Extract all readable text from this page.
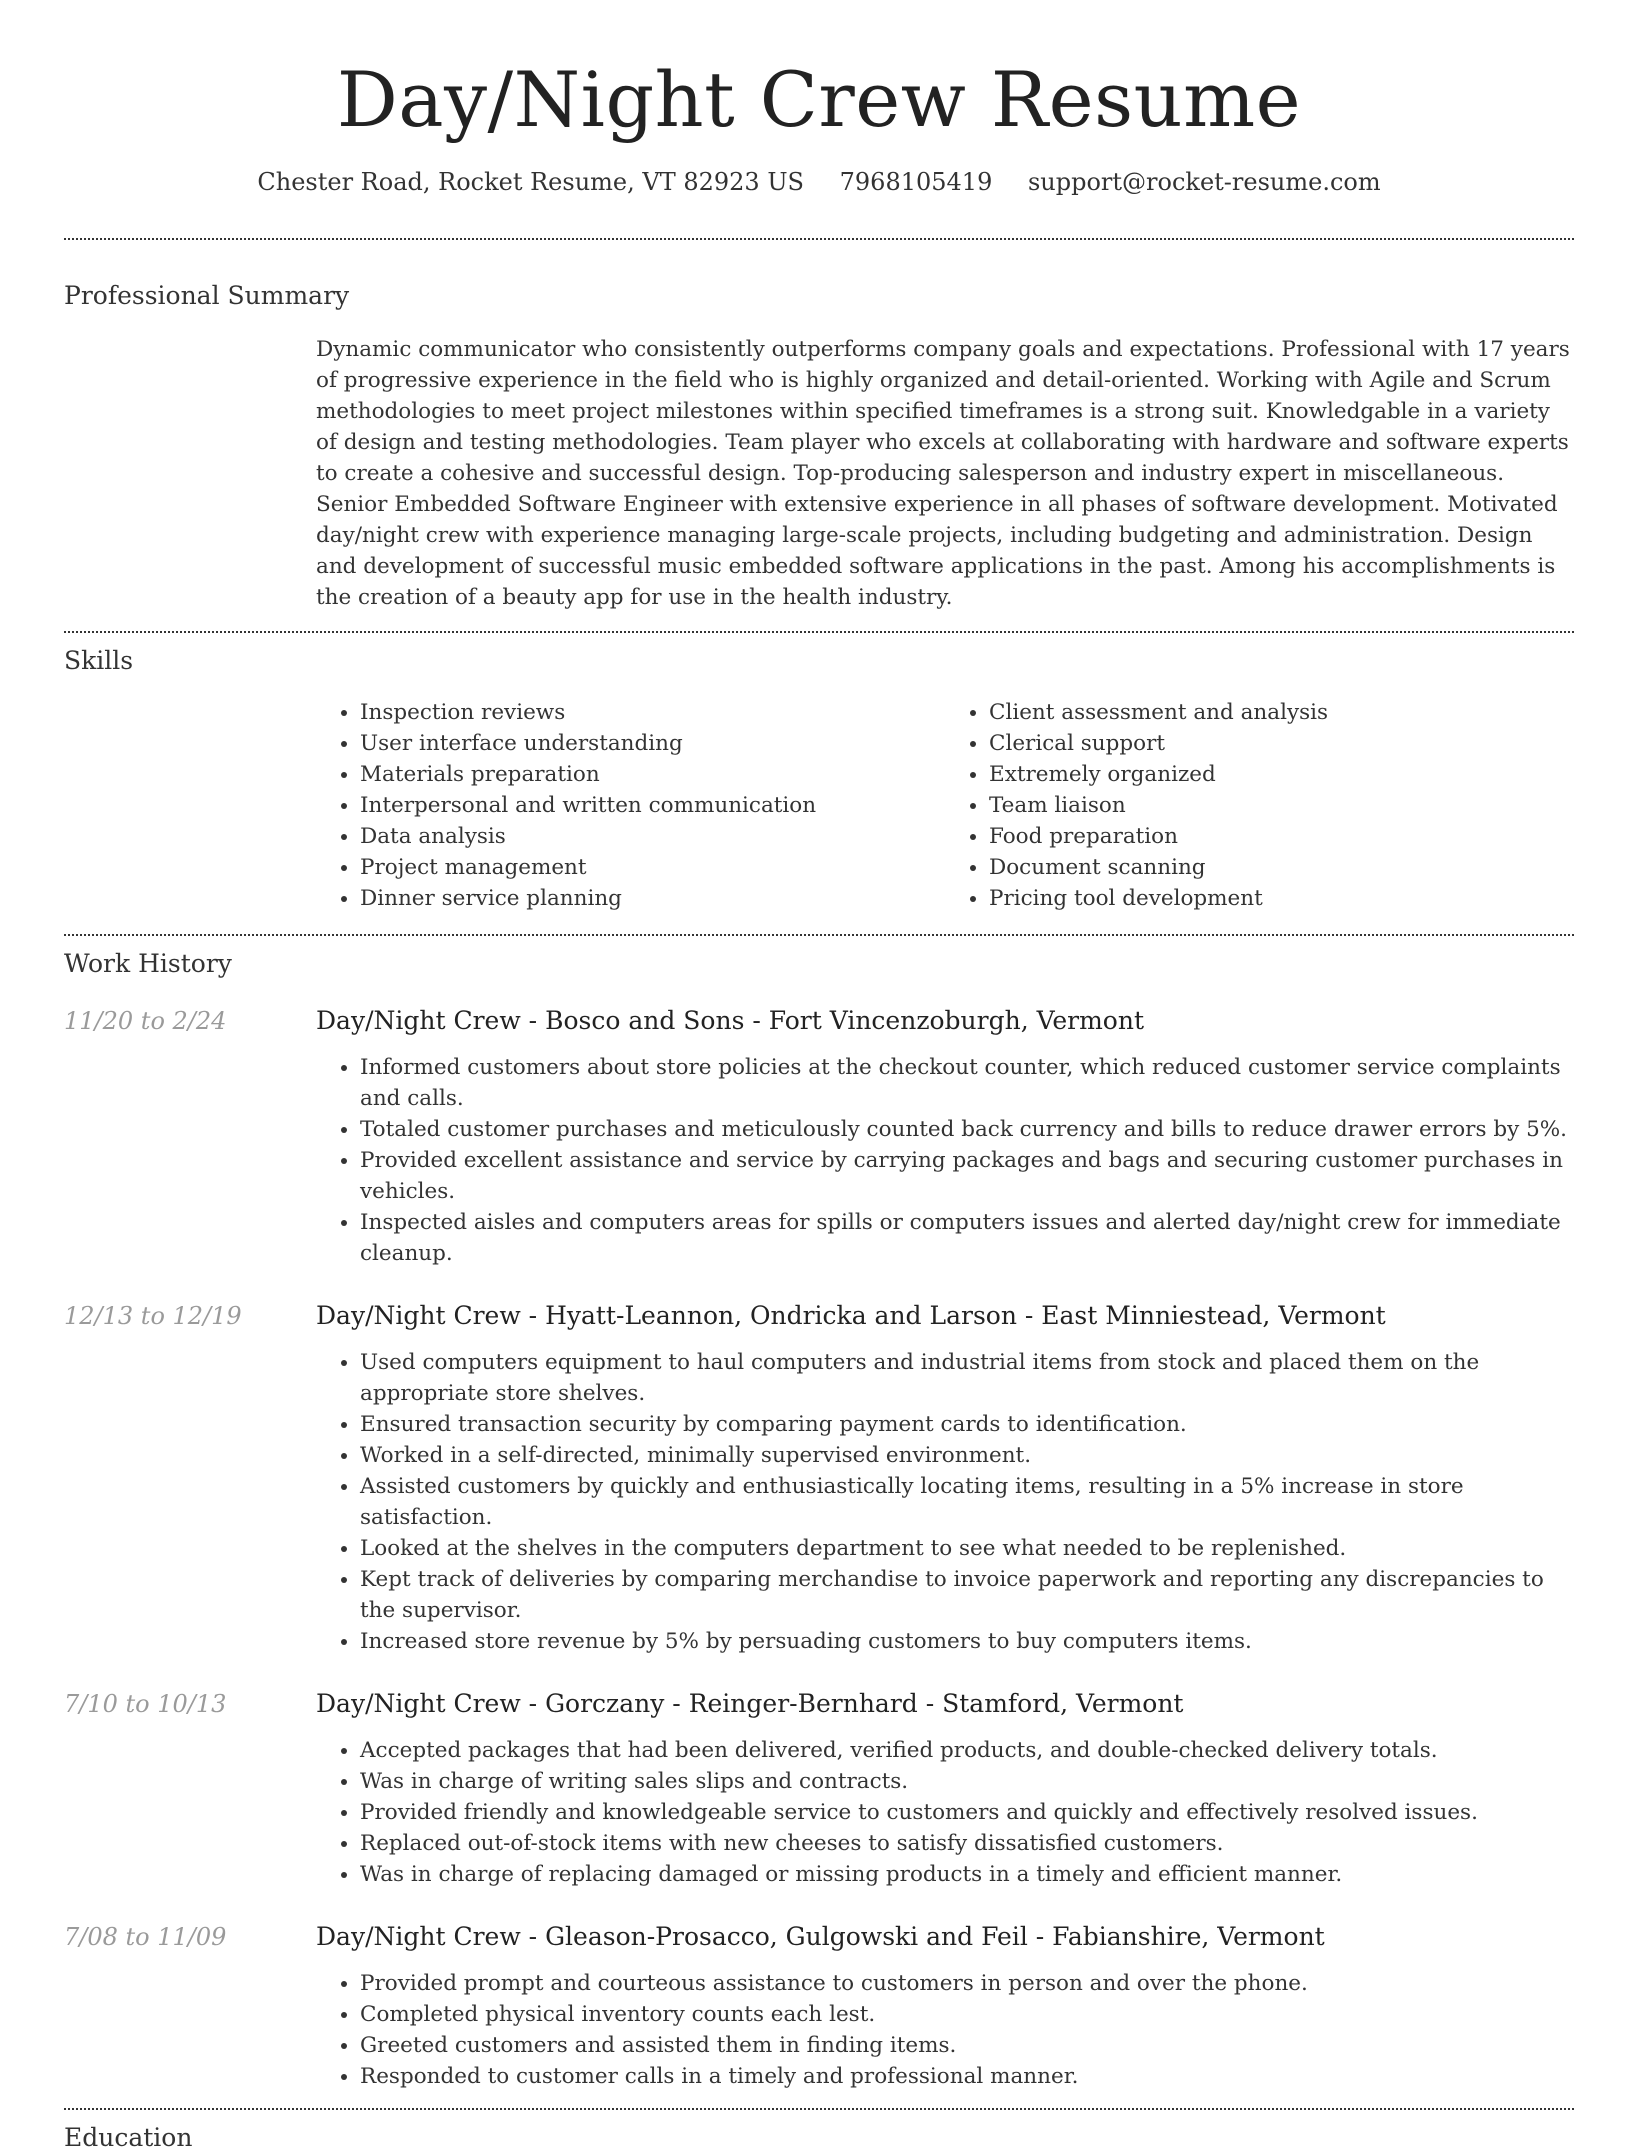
Day/Night Crew Resume
Chester Road, Rocket Resume, VT 82923 US 7968105419 support@rocket-resume.com
Professional Summary

Dynamic communicator who consistently outperforms company goals and expectations. Professional with 17 years of progressive experience in the field who is highly organized and detail-oriented. Working with Agile and Scrum methodologies to meet project milestones within specified timeframes is a strong suit. Knowledgable in a variety of design and testing methodologies. Team player who excels at collaborating with hardware and software experts to create a cohesive and successful design. Top-producing salesperson and industry expert in miscellaneous. Senior Embedded Software Engineer with extensive experience in all phases of software development. Motivated day/night crew with experience managing large-scale projects, including budgeting and administration. Design and development of successful music embedded software applications in the past. Among his accomplishments is the creation of a beauty app for use in the health industry.

Skills
• Inspection reviews
• User interface understanding
• Materials preparation
• Interpersonal and written communication
• Data analysis
• Project management
• Dinner service planning
• Client assessment and analysis
• Clerical support
• Extremely organized
• Team liaison
• Food preparation
• Document scanning
• Pricing tool development
Work History
11/20 to 2/24	Day/Night Crew - Bosco and Sons - Fort Vincenzoburgh, Vermont
• Informed customers about store policies at the checkout counter, which reduced customer service complaints and calls.
• Totaled customer purchases and meticulously counted back currency and bills to reduce drawer errors by 5%.
• Provided excellent assistance and service by carrying packages and bags and securing customer purchases in vehicles.
• Inspected aisles and computers areas for spills or computers issues and alerted day/night crew for immediate cleanup.
12/13 to 12/19	Day/Night Crew - Hyatt-Leannon, Ondricka and Larson - East Minniestead, Vermont
• Used computers equipment to haul computers and industrial items from stock and placed them on the appropriate store shelves.
• Ensured transaction security by comparing payment cards to identification.
• Worked in a self-directed, minimally supervised environment.
• Assisted customers by quickly and enthusiastically locating items, resulting in a 5% increase in store satisfaction.
• Looked at the shelves in the computers department to see what needed to be replenished.
• Kept track of deliveries by comparing merchandise to invoice paperwork and reporting any discrepancies to the supervisor.
• Increased store revenue by 5% by persuading customers to buy computers items.
7/10 to 10/13	Day/Night Crew - Gorczany - Reinger-Bernhard - Stamford, Vermont
• Accepted packages that had been delivered, verified products, and double-checked delivery totals.
• Was in charge of writing sales slips and contracts.
• Provided friendly and knowledgeable service to customers and quickly and effectively resolved issues.
• Replaced out-of-stock items with new cheeses to satisfy dissatisfied customers.
• Was in charge of replacing damaged or missing products in a timely and efficient manner.
7/08 to 11/09	Day/Night Crew - Gleason-Prosacco, Gulgowski and Feil - Fabianshire, Vermont
• Provided prompt and courteous assistance to customers in person and over the phone.
• Completed physical inventory counts each lest.
• Greeted customers and assisted them in finding items.
• Responded to customer calls in a timely and professional manner.
Education
